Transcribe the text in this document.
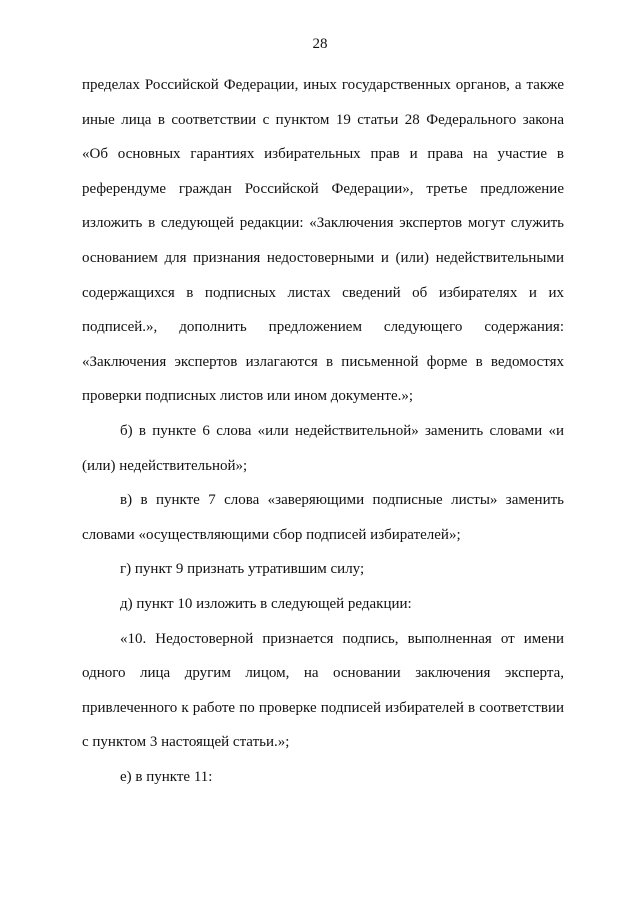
28
пределах Российской Федерации, иных государственных органов, а также
иные лица в соответствии с пунктом 19 статьи 28 Федерального закона
«Об основных гарантиях избирательных прав и права на участие в
референдуме граждан Российской Федерации», третье предложение
изложить в следующей редакции: «Заключения экспертов могут служить
основанием для признания недостоверными и (или) недействительными
содержащихся в подписных листах сведений об избирателях и их
подписей.», дополнить предложением следующего содержания:
«Заключения экспертов излагаются в письменной форме в ведомостях
проверки подписных листов или ином документе.»;
б) в пункте 6 слова «или недействительной» заменить словами «и
(или) недействительной»;
в) в пункте 7 слова «заверяющими подписные листы» заменить
словами «осуществляющими сбор подписей избирателей»;
г) пункт 9 признать утратившим силу;
д) пункт 10 изложить в следующей редакции:
«10. Недостоверной признается подпись, выполненная от имени
одного лица другим лицом, на основании заключения эксперта,
привлеченного к работе по проверке подписей избирателей в соответствии
с пунктом 3 настоящей статьи.»;
е) в пункте 11:
